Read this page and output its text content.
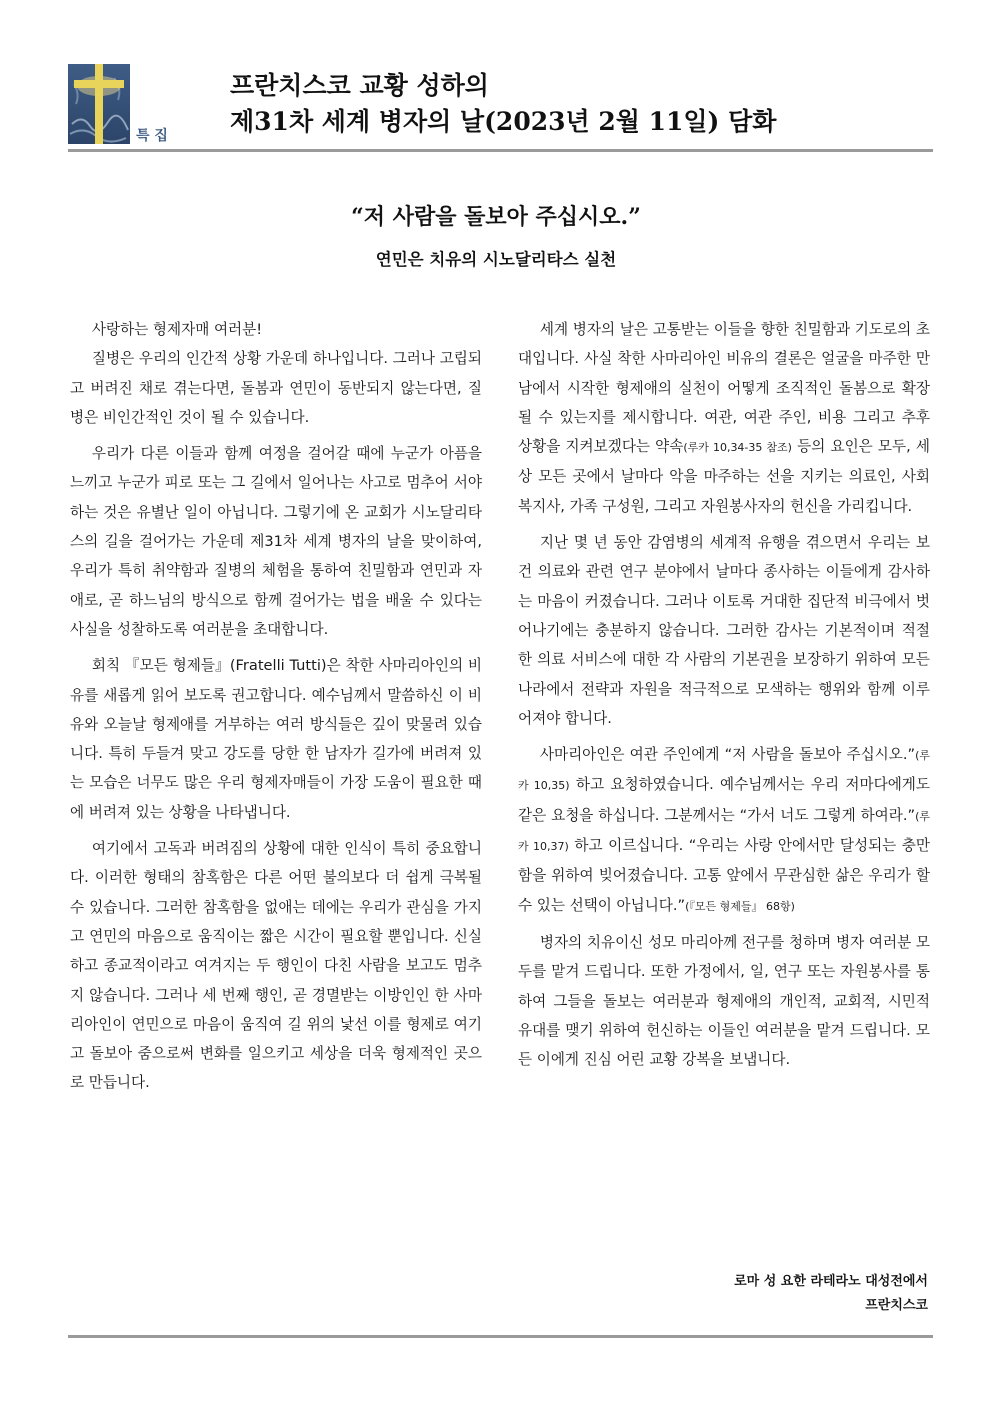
특 집
프란치스코 교황 성하의
제31차 세계 병자의 날(2023년 2월 11일) 담화
“저 사람을 돌보아 주십시오.”
연민은 치유의 시노달리타스 실천

사랑하는 형제자매 여러분!

질병은 우리의 인간적 상황 가운데 하나입니다. 그러나 고립되고 버려진 채로 겪는다면, 돌봄과 연민이 동반되지 않는다면, 질병은 비인간적인 것이 될 수 있습니다.

우리가 다른 이들과 함께 여정을 걸어갈 때에 누군가 아픔을 느끼고 누군가 피로 또는 그 길에서 일어나는 사고로 멈추어 서야 하는 것은 유별난 일이 아닙니다. 그렇기에 온 교회가 시노달리타스의 길을 걸어가는 가운데 제31차 세계 병자의 날을 맞이하여, 우리가 특히 취약함과 질병의 체험을 통하여 친밀함과 연민과 자애로, 곧 하느님의 방식으로 함께 걸어가는 법을 배울 수 있다는 사실을 성찰하도록 여러분을 초대합니다.

회칙 『모든 형제들』(Fratelli Tutti)은 착한 사마리아인의 비유를 새롭게 읽어 보도록 권고합니다. 예수님께서 말씀하신 이 비유와 오늘날 형제애를 거부하는 여러 방식들은 깊이 맞물려 있습니다. 특히 두들겨 맞고 강도를 당한 한 남자가 길가에 버려져 있는 모습은 너무도 많은 우리 형제자매들이 가장 도움이 필요한 때에 버려져 있는 상황을 나타냅니다.

여기에서 고독과 버려짐의 상황에 대한 인식이 특히 중요합니다. 이러한 형태의 참혹함은 다른 어떤 불의보다 더 쉽게 극복될 수 있습니다. 그러한 참혹함을 없애는 데에는 우리가 관심을 가지고 연민의 마음으로 움직이는 짧은 시간이 필요할 뿐입니다. 신실하고 종교적이라고 여겨지는 두 행인이 다친 사람을 보고도 멈추지 않습니다. 그러나 세 번째 행인, 곧 경멸받는 이방인인 한 사마리아인이 연민으로 마음이 움직여 길 위의 낯선 이를 형제로 여기고 돌보아 줌으로써 변화를 일으키고 세상을 더욱 형제적인 곳으로 만듭니다.

세계 병자의 날은 고통받는 이들을 향한 친밀함과 기도로의 초대입니다. 사실 착한 사마리아인 비유의 결론은 얼굴을 마주한 만남에서 시작한 형제애의 실천이 어떻게 조직적인 돌봄으로 확장될 수 있는지를 제시합니다. 여관, 여관 주인, 비용 그리고 추후 상황을 지켜보겠다는 약속(루카 10,34-35 참조) 등의 요인은 모두, 세상 모든 곳에서 날마다 악을 마주하는 선을 지키는 의료인, 사회복지사, 가족 구성원, 그리고 자원봉사자의 헌신을 가리킵니다.

지난 몇 년 동안 감염병의 세계적 유행을 겪으면서 우리는 보건 의료와 관련 연구 분야에서 날마다 종사하는 이들에게 감사하는 마음이 커졌습니다. 그러나 이토록 거대한 집단적 비극에서 벗어나기에는 충분하지 않습니다. 그러한 감사는 기본적이며 적절한 의료 서비스에 대한 각 사람의 기본권을 보장하기 위하여 모든 나라에서 전략과 자원을 적극적으로 모색하는 행위와 함께 이루어져야 합니다.

사마리아인은 여관 주인에게 “저 사람을 돌보아 주십시오.”(루카 10,35) 하고 요청하였습니다. 예수님께서는 우리 저마다에게도 같은 요청을 하십니다. 그분께서는 “가서 너도 그렇게 하여라.”(루카 10,37) 하고 이르십니다. “우리는 사랑 안에서만 달성되는 충만함을 위하여 빚어졌습니다. 고통 앞에서 무관심한 삶은 우리가 할 수 있는 선택이 아닙니다.”(『모든 형제들』 68항)

병자의 치유이신 성모 마리아께 전구를 청하며 병자 여러분 모두를 맡겨 드립니다. 또한 가정에서, 일, 연구 또는 자원봉사를 통하여 그들을 돌보는 여러분과 형제애의 개인적, 교회적, 시민적 유대를 맺기 위하여 헌신하는 이들인 여러분을 맡겨 드립니다. 모든 이에게 진심 어린 교황 강복을 보냅니다.

로마 성 요한 라테라노 대성전에서
프란치스코
